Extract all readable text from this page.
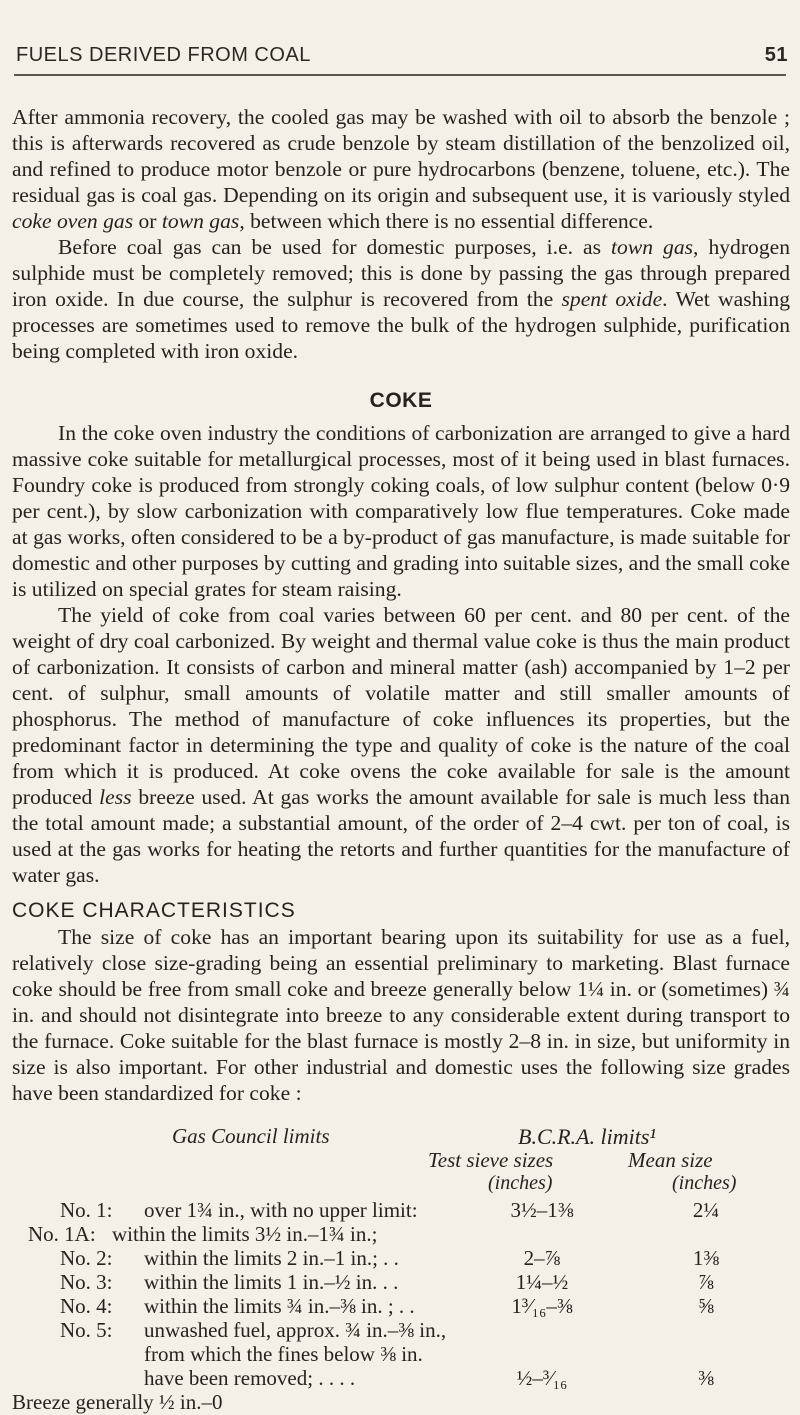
FUELS DERIVED FROM COAL	51

After ammonia recovery, the cooled gas may be washed with oil to absorb the benzole ; this is afterwards recovered as crude benzole by steam distillation of the benzolized oil, and refined to produce motor benzole or pure hydrocarbons (benzene, toluene, etc.). The residual gas is coal gas. Depending on its origin and subsequent use, it is variously styled coke oven gas or town gas, between which there is no essential difference.

Before coal gas can be used for domestic purposes, i.e. as town gas, hydrogen sulphide must be completely removed; this is done by passing the gas through prepared iron oxide. In due course, the sulphur is recovered from the spent oxide. Wet washing processes are sometimes used to remove the bulk of the hydrogen sulphide, purification being completed with iron oxide.

COKE

In the coke oven industry the conditions of carbonization are arranged to give a hard massive coke suitable for metallurgical processes, most of it being used in blast furnaces. Foundry coke is produced from strongly coking coals, of low sulphur content (below 0·9 per cent.), by slow carbonization with comparatively low flue temperatures. Coke made at gas works, often considered to be a by-product of gas manufacture, is made suitable for domestic and other purposes by cutting and grading into suitable sizes, and the small coke is utilized on special grates for steam raising.

The yield of coke from coal varies between 60 per cent. and 80 per cent. of the weight of dry coal carbonized. By weight and thermal value coke is thus the main product of carbonization. It consists of carbon and mineral matter (ash) accompanied by 1–2 per cent. of sulphur, small amounts of volatile matter and still smaller amounts of phosphorus. The method of manufacture of coke influences its properties, but the predominant factor in determining the type and quality of coke is the nature of the coal from which it is produced. At coke ovens the coke available for sale is the amount produced less breeze used. At gas works the amount available for sale is much less than the total amount made; a substantial amount, of the order of 2–4 cwt. per ton of coal, is used at the gas works for heating the retorts and further quantities for the manufacture of water gas.

COKE CHARACTERISTICS

The size of coke has an important bearing upon its suitability for use as a fuel, relatively close size-grading being an essential preliminary to marketing. Blast furnace coke should be free from small coke and breeze generally below 1¼ in. or (sometimes) ¾ in. and should not disintegrate into breeze to any considerable extent during transport to the furnace. Coke suitable for the blast furnace is mostly 2–8 in. in size, but uniformity in size is also important. For other industrial and domestic uses the following size grades have been standardized for coke :

Gas Council limits	B.C.R.A. limits¹
Test sieve sizes	Mean size
(inches)	(inches)
No. 1: over 1¾ in., with no upper limit:	3½–1⅜	2¼
No. 1A: within the limits 3½ in.–1¾ in.;
No. 2: within the limits 2 in.–1 in.; . .	2–⅞	1⅜
No. 3: within the limits 1 in.–½ in. . .	1¼–½	⅞
No. 4: within the limits ¾ in.–⅜ in. ; . .	1³⁄₁₆–⅜	⅝
No. 5: unwashed fuel, approx. ¾ in.–⅜ in.,
from which the fines below ⅜ in.
have been removed; . . . .	½–³⁄₁₆	⅜
Breeze generally ½ in.–0
